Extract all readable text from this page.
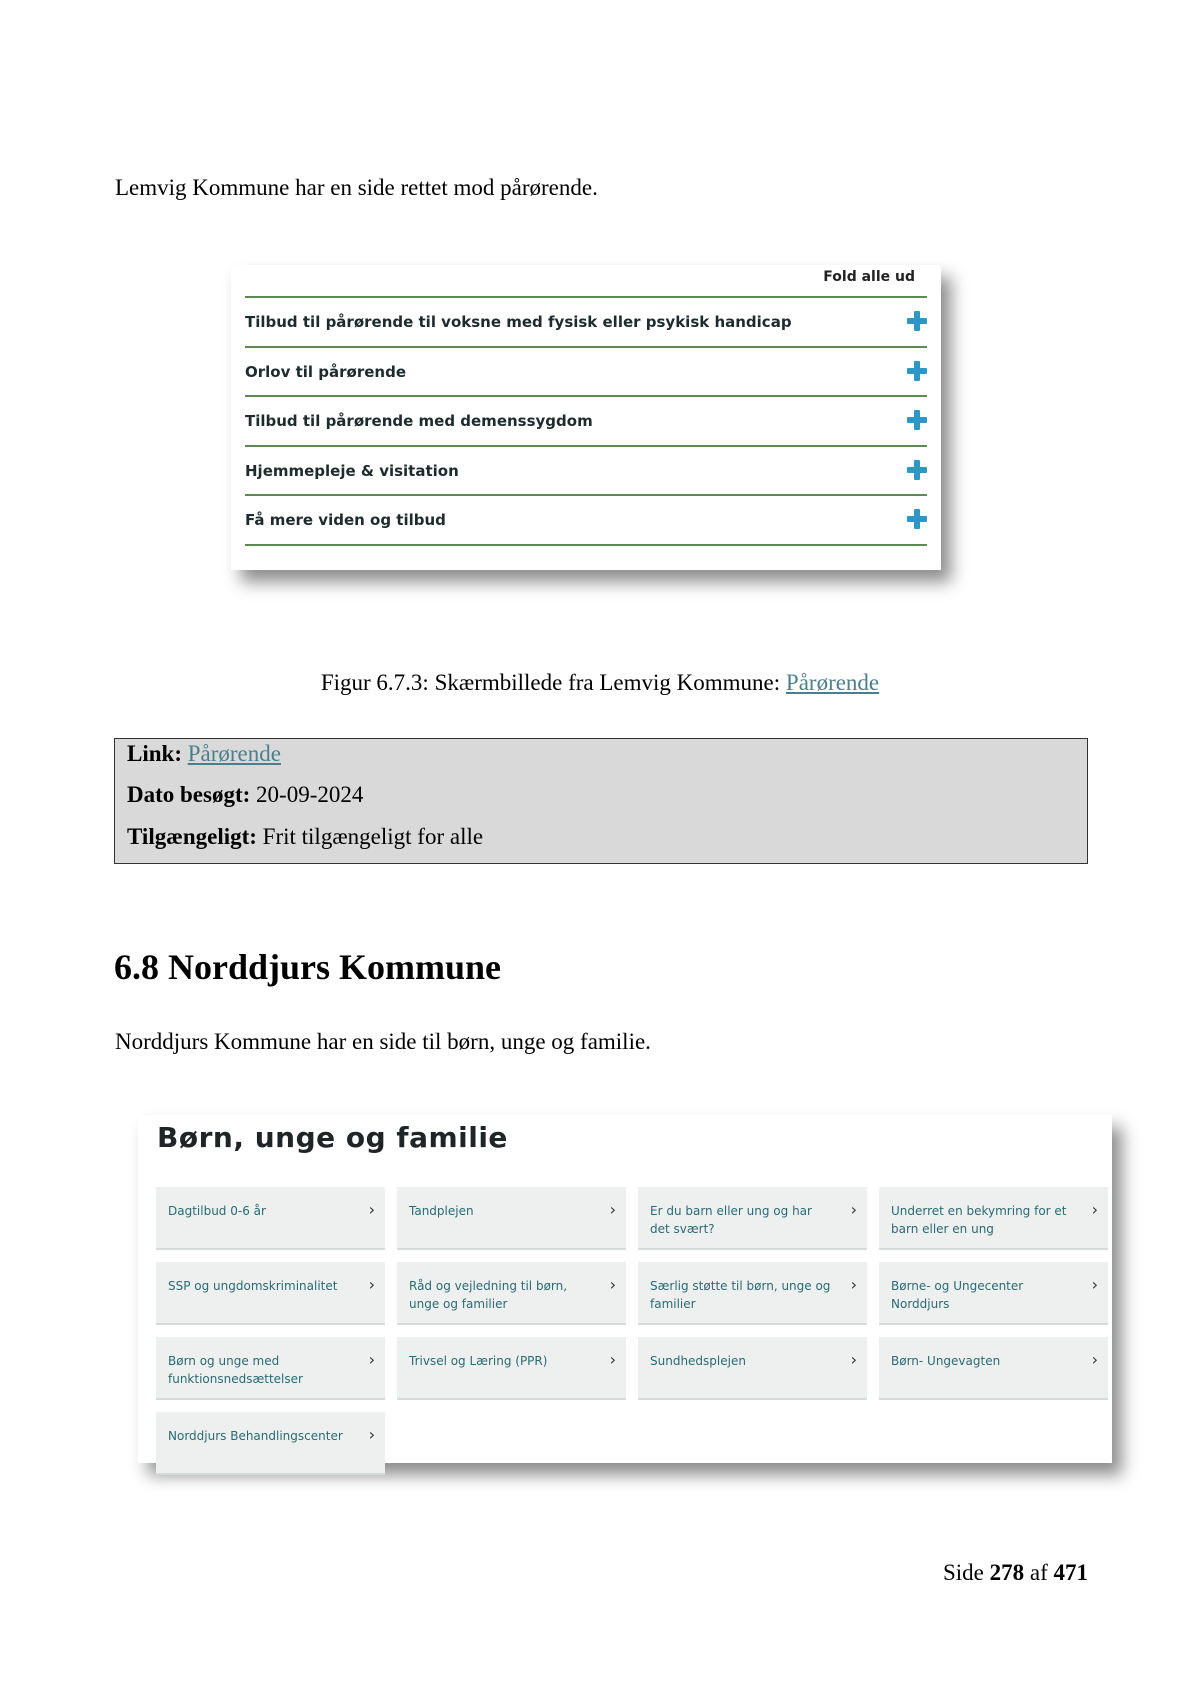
Lemvig Kommune har en side rettet mod pårørende.
Fold alle ud
Tilbud til pårørende til voksne med fysisk eller psykisk handicap
Orlov til pårørende
Tilbud til pårørende med demenssygdom
Hjemmepleje & visitation
Få mere viden og tilbud
Figur 6.7.3: Skærmbillede fra Lemvig Kommune: Pårørende
Link: Pårørende
Dato besøgt: 20-09-2024
Tilgængeligt: Frit tilgængeligt for alle
6.8 Norddjurs Kommune
Norddjurs Kommune har en side til børn, unge og familie.
Børn, unge og familie
Dagtilbud 0-6 år	›	Tandplejen	›	Er du barn eller ung og har det svært?
›	Underret en bekymring for et barn eller en ung
›
SSP og ungdomskriminalitet	›	Råd og vejledning til børn, unge og familier
›	Særlig støtte til børn, unge og familier
›	Børne- og Ungecenter Norddjurs
›
Børn og unge med funktionsnedsættelser
›	Trivsel og Læring (PPR)	›	Sundhedsplejen	›	Børn- Ungevagten	›
Norddjurs Behandlingscenter	›
Side 278 af 471
